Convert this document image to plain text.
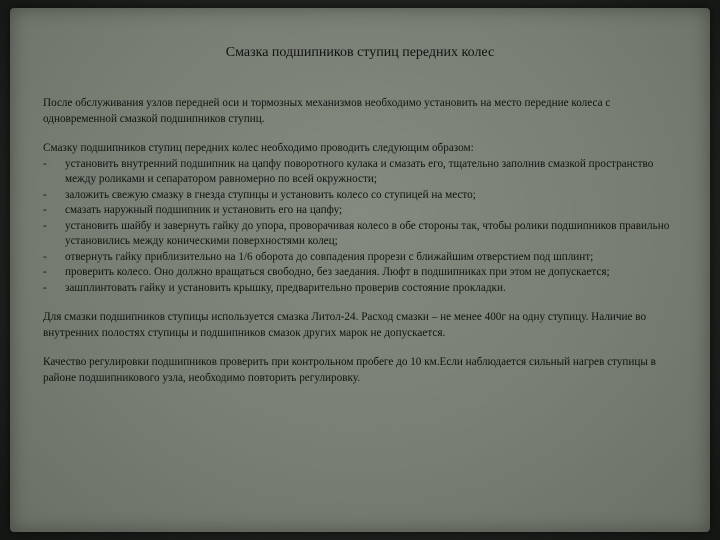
Смазка подшипников ступиц передних колес

После обслуживания узлов передней оси и тормозных механизмов необходимо установить на место передние колеса с одновременной смазкой подшипников ступиц.

Смазку подшипников ступиц передних колес необходимо проводить следующим образом:

-	установить внутренний подшипник на цапфу поворотного кулака и смазать его, тщательно заполнив смазкой пространство между роликами и сепаратором равномерно по всей окружности;
-	заложить свежую смазку в гнезда ступицы и установить колесо со ступицей на место;
-	смазать наружный подшипник и установить его на цапфу;
-	установить шайбу и завернуть гайку до упора, проворачивая колесо в обе стороны так, чтобы ролики подшипников правильно установились между коническими поверхностями колец;
-	отвернуть гайку приблизительно на 1/6 оборота до совпадения прорези с ближайшим отверстием под шплинт;
-	проверить колесо. Оно должно вращаться свободно, без заедания. Люфт в подшипниках при этом не допускается;
-	зашплинтовать гайку и установить крышку, предварительно проверив состояние прокладки.

Для смазки подшипников ступицы используется смазка Литол-24. Расход смазки – не менее 400г на одну ступицу. Наличие во внутренних полостях ступицы и подшипников смазок других марок не допускается.

Качество регулировки подшипников проверить при контрольном пробеге до 10 км.Если наблюдается сильный нагрев ступицы в районе подшипникового узла, необходимо повторить регулировку.
